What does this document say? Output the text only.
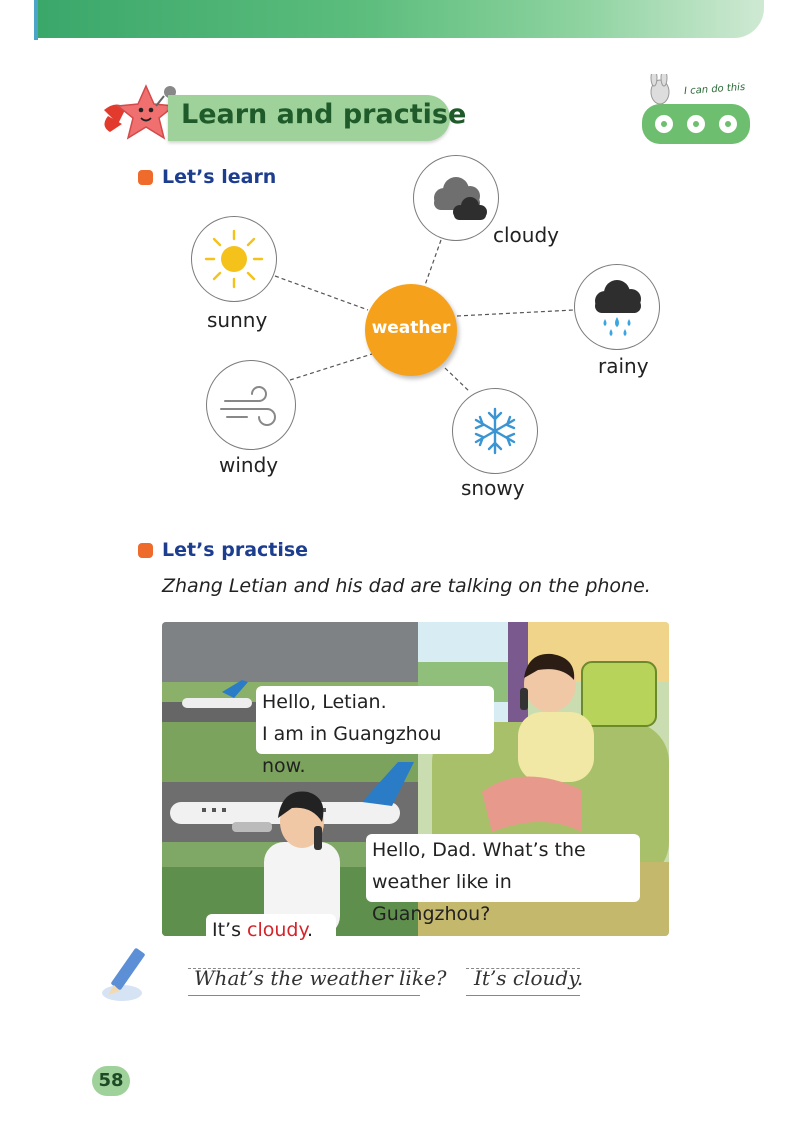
Learn and practise
I can do this
Let’s learn
sunny
cloudy
rainy
windy
snowy
weather
Let’s practise
Zhang Letian and his dad are talking on the phone.
Hello, Letian.
I am in Guangzhou now.
Hello, Dad. What’s the
weather like in Guangzhou?
It’s cloudy.
What’s the weather like? It’s cloudy.
58
